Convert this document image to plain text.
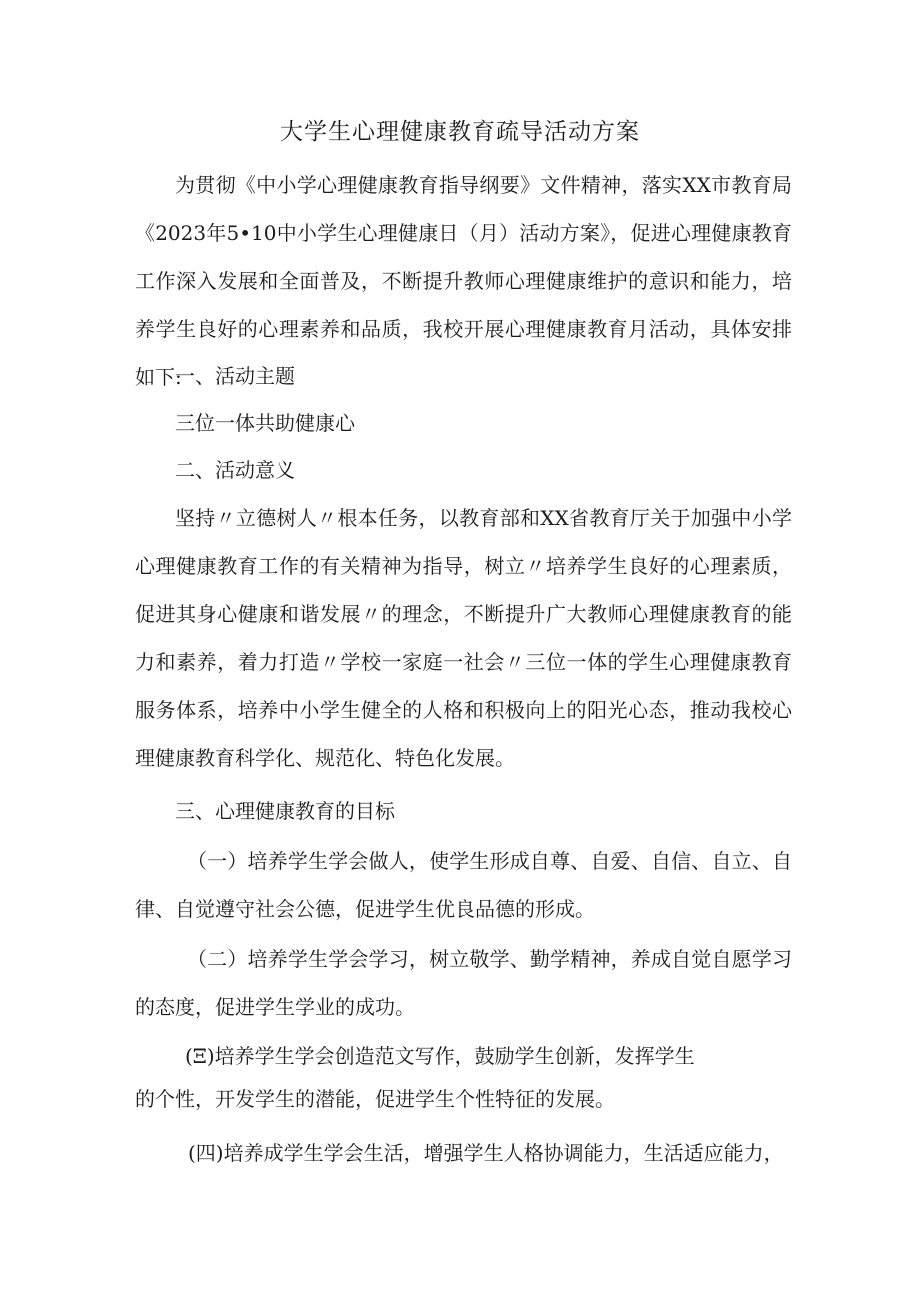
大学生心理健康教育疏导活动方案
为贯彻《中小学心理健康教育指导纲要》文件精神，落实XX市教育局《2023年5•10中小学生心理健康日（月）活动方案》，促进心理健康教育工作深入发展和全面普及，不断提升教师心理健康维护的意识和能力，培养学生良好的心理素养和品质，我校开展心理健康教育月活动，具体安排如下:
一、活动主题
三位一体共助健康心
二、活动意义
坚持〃立德树人〃根本任务，以教育部和XX省教育厅关于加强中小学心理健康教育工作的有关精神为指导，树立〃培养学生良好的心理素质，促进其身心健康和谐发展〃的理念，不断提升广大教师心理健康教育的能力和素养，着力打造〃学校一家庭一社会〃三位一体的学生心理健康教育服务体系，培养中小学生健全的人格和积极向上的阳光心态，推动我校心理健康教育科学化、规范化、特色化发展。
三、心理健康教育的目标
（一）培养学生学会做人，使学生形成自尊、自爱、自信、自立、自律、自觉遵守社会公德，促进学生优良品德的形成。
（二）培养学生学会学习，树立敬学、勤学精神，养成自觉自愿学习的态度，促进学生学业的成功。
(Ξ)培养学生学会创造范文写作，鼓励学生创新，发挥学生
的个性，开发学生的潜能，促进学生个性特征的发展。
(四)培养成学生学会生活，增强学生人格协调能力，生活适应能力，
